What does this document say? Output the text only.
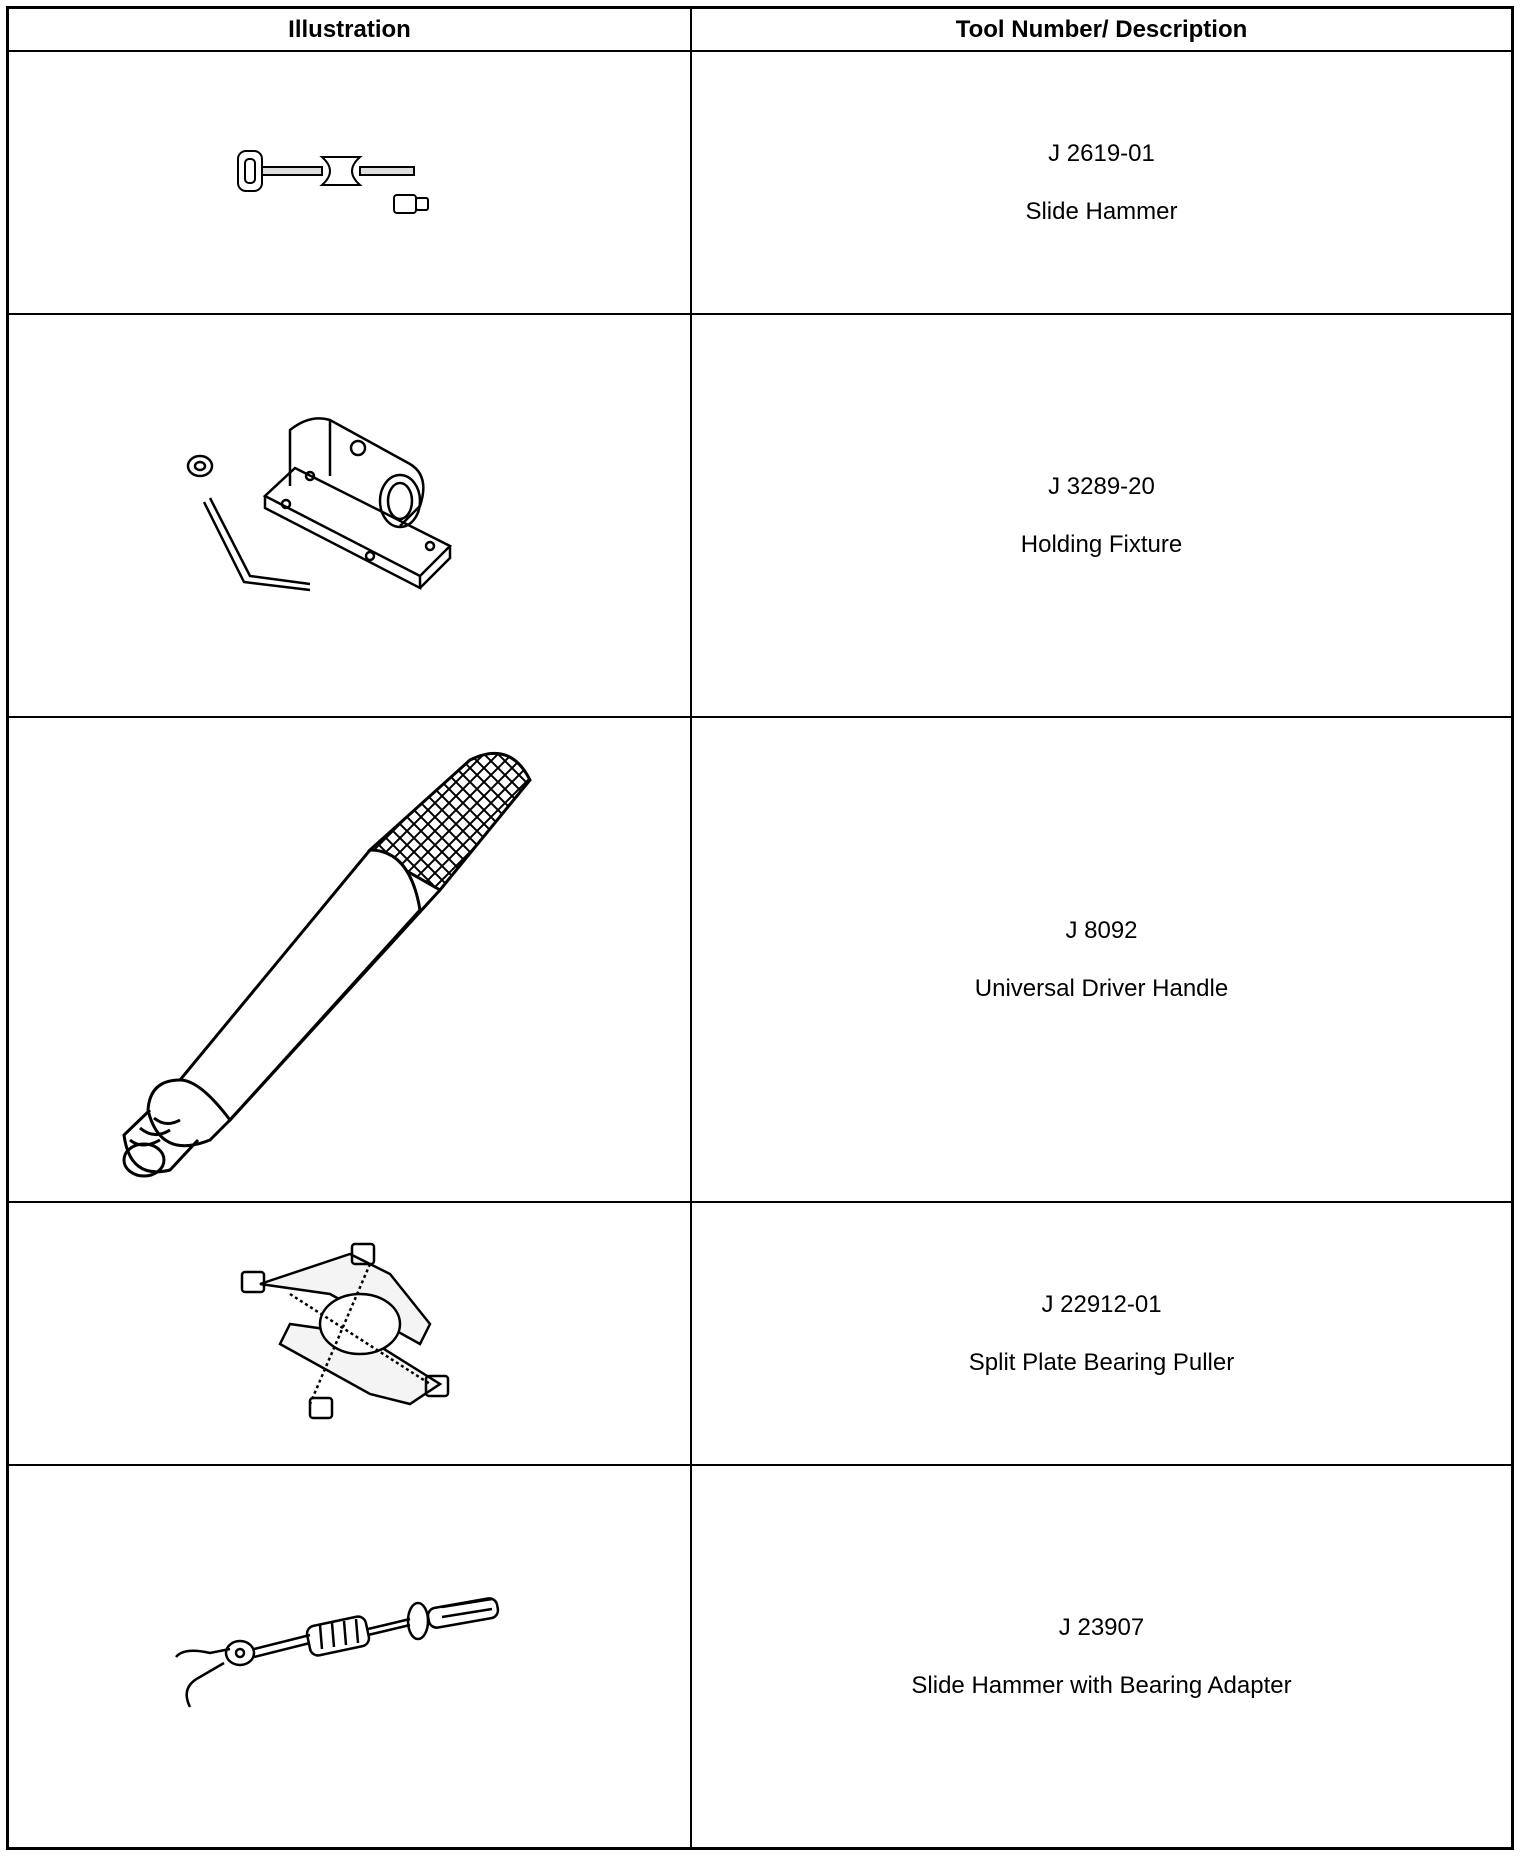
Illustration	Tool Number/ Description
J 2619-01
Slide Hammer
J 3289-20
Holding Fixture
J 8092
Universal Driver Handle
J 22912-01
Split Plate Bearing Puller
J 23907
Slide Hammer with Bearing Adapter
